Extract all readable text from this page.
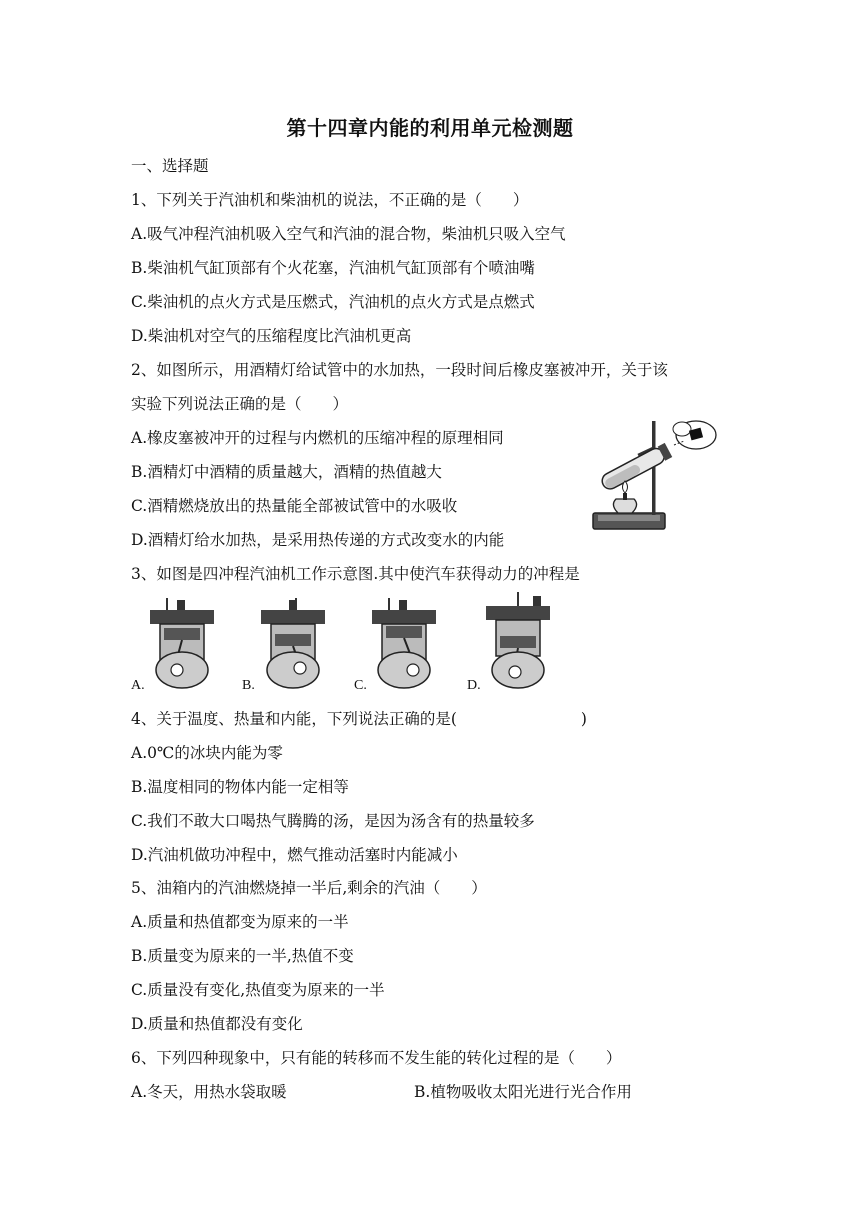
第十四章内能的利用单元检测题
一、选择题
1、下列关于汽油机和柴油机的说法，不正确的是（　　）
A.吸气冲程汽油机吸入空气和汽油的混合物，柴油机只吸入空气
B.柴油机气缸顶部有个火花塞，汽油机气缸顶部有个喷油嘴
C.柴油机的点火方式是压燃式，汽油机的点火方式是点燃式
D.柴油机对空气的压缩程度比汽油机更高
2、如图所示，用酒精灯给试管中的水加热，一段时间后橡皮塞被冲开，关于该
实验下列说法正确的是（　　）
A.橡皮塞被冲开的过程与内燃机的压缩冲程的原理相同
B.酒精灯中酒精的质量越大，酒精的热值越大
C.酒精燃烧放出的热量能全部被试管中的水吸收
D.酒精灯给水加热，是采用热传递的方式改变水的内能
3、如图是四冲程汽油机工作示意图.其中使汽车获得动力的冲程是
A.	B.	C.	D.
4、关于温度、热量和内能，下列说法正确的是(　　　　　　　　)
A.0℃的冰块内能为零
B.温度相同的物体内能一定相等
C.我们不敢大口喝热气腾腾的汤，是因为汤含有的热量较多
D.汽油机做功冲程中，燃气推动活塞时内能减小
5、油箱内的汽油燃烧掉一半后,剩余的汽油（　　）
A.质量和热值都变为原来的一半
B.质量变为原来的一半,热值不变
C.质量没有变化,热值变为原来的一半
D.质量和热值都没有变化
6、下列四种现象中，只有能的转移而不发生能的转化过程的是（　　）
A.冬天，用热水袋取暖	B.植物吸收太阳光进行光合作用
